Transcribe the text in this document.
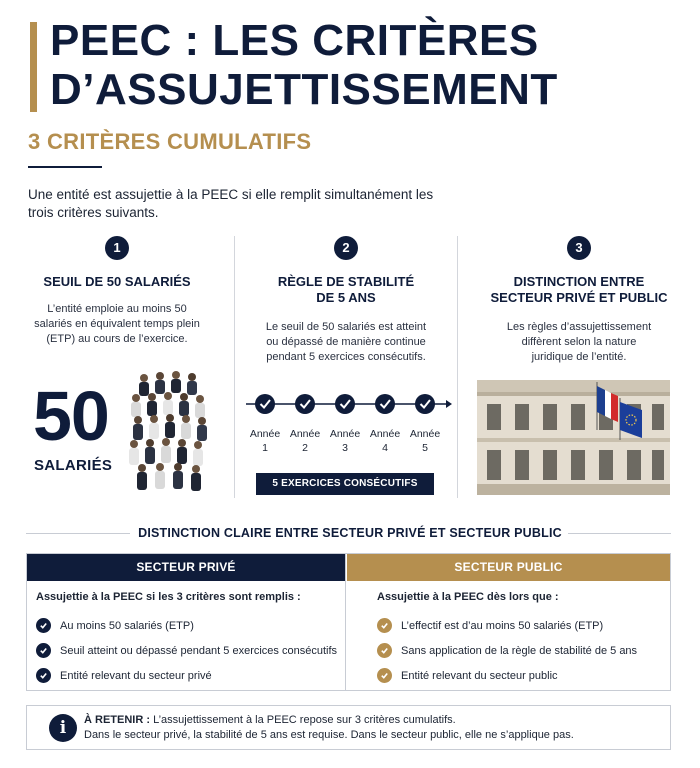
PEEC : LES CRITÈRES
D’ASSUJETTISSEMENT
3 CRITÈRES CUMULATIFS

Une entité est assujettie à la PEEC si elle remplit simultanément les trois critères suivants.

1
SEUIL DE 50 SALARIÉS

L’entité emploie au moins 50 salariés en équivalent temps plein (ETP) au cours de l’exercice.

50
SALARIÉS
2
RÈGLE DE STABILITÉ
DE 5 ANS

Le seuil de 50 salariés est atteint ou dépassé de manière continue pendant 5 exercices consécutifs.

Année
1
Année
2
Année
3
Année
4
Année
5
5 EXERCICES CONSÉCUTIFS
3
DISTINCTION ENTRE
SECTEUR PRIVÉ ET PUBLIC

Les règles d’assujettissement diffèrent selon la nature juridique de l’entité.

DISTINCTION CLAIRE ENTRE SECTEUR PRIVÉ ET SECTEUR PUBLIC
SECTEUR PRIVÉ
Assujettie à la PEEC si les 3 critères sont remplis :
Au moins 50 salariés (ETP)
Seuil atteint ou dépassé pendant 5 exercices consécutifs
Entité relevant du secteur privé
SECTEUR PUBLIC
Assujettie à la PEEC dès lors que :
L’effectif est d’au moins 50 salariés (ETP)
Sans application de la règle de stabilité de 5 ans
Entité relevant du secteur public
i	À RETENIR : L’assujettissement à la PEEC repose sur 3 critères cumulatifs.
Dans le secteur privé, la stabilité de 5 ans est requise. Dans le secteur public, elle ne s’applique pas.
